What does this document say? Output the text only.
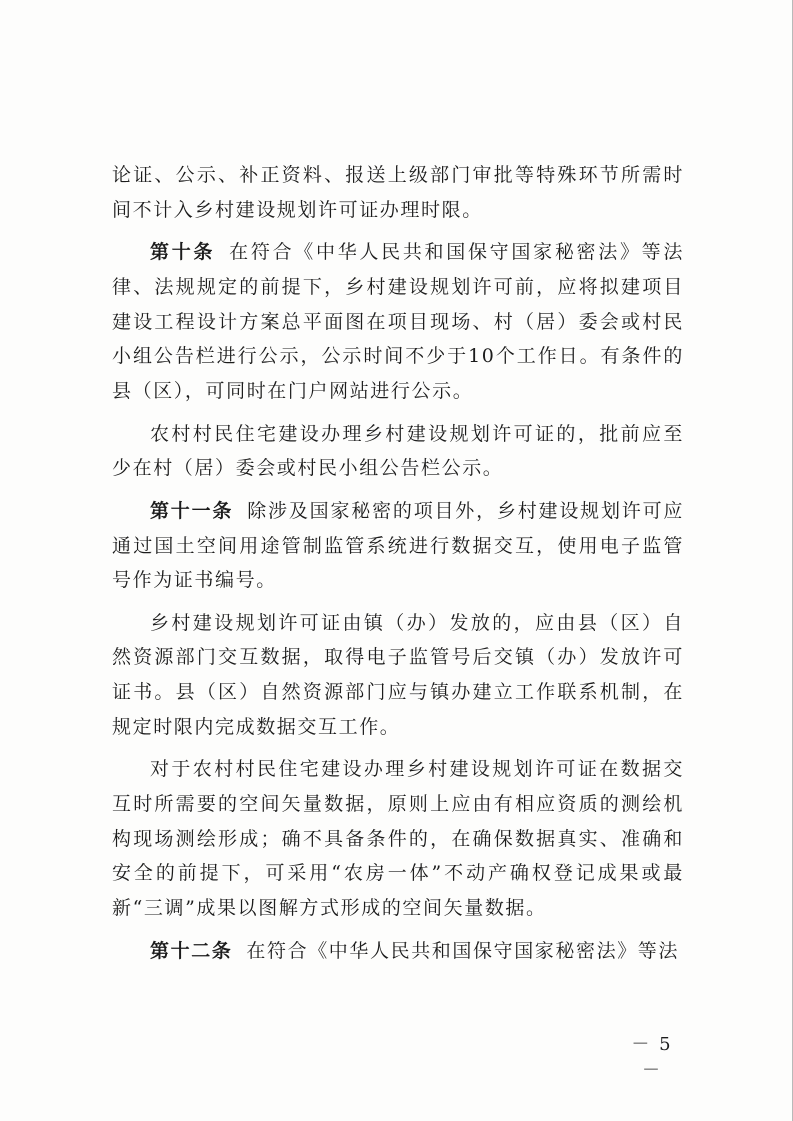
论证、公示、补正资料、报送上级部门审批等特殊环节所需时间不计入乡村建设规划许可证办理时限。

第十条 在符合《中华人民共和国保守国家秘密法》等法律、法规规定的前提下，乡村建设规划许可前，应将拟建项目建设工程设计方案总平面图在项目现场、村（居）委会或村民小组公告栏进行公示，公示时间不少于10个工作日。有条件的县（区），可同时在门户网站进行公示。

农村村民住宅建设办理乡村建设规划许可证的，批前应至少在村（居）委会或村民小组公告栏公示。

第十一条 除涉及国家秘密的项目外，乡村建设规划许可应通过国土空间用途管制监管系统进行数据交互，使用电子监管号作为证书编号。

乡村建设规划许可证由镇（办）发放的，应由县（区）自然资源部门交互数据，取得电子监管号后交镇（办）发放许可证书。县（区）自然资源部门应与镇办建立工作联系机制，在规定时限内完成数据交互工作。

对于农村村民住宅建设办理乡村建设规划许可证在数据交互时所需要的空间矢量数据，原则上应由有相应资质的测绘机构现场测绘形成；确不具备条件的，在确保数据真实、准确和安全的前提下，可采用“农房一体”不动产确权登记成果或最新“三调”成果以图解方式形成的空间矢量数据。

第十二条 在符合《中华人民共和国保守国家秘密法》等法

－ 5 －
